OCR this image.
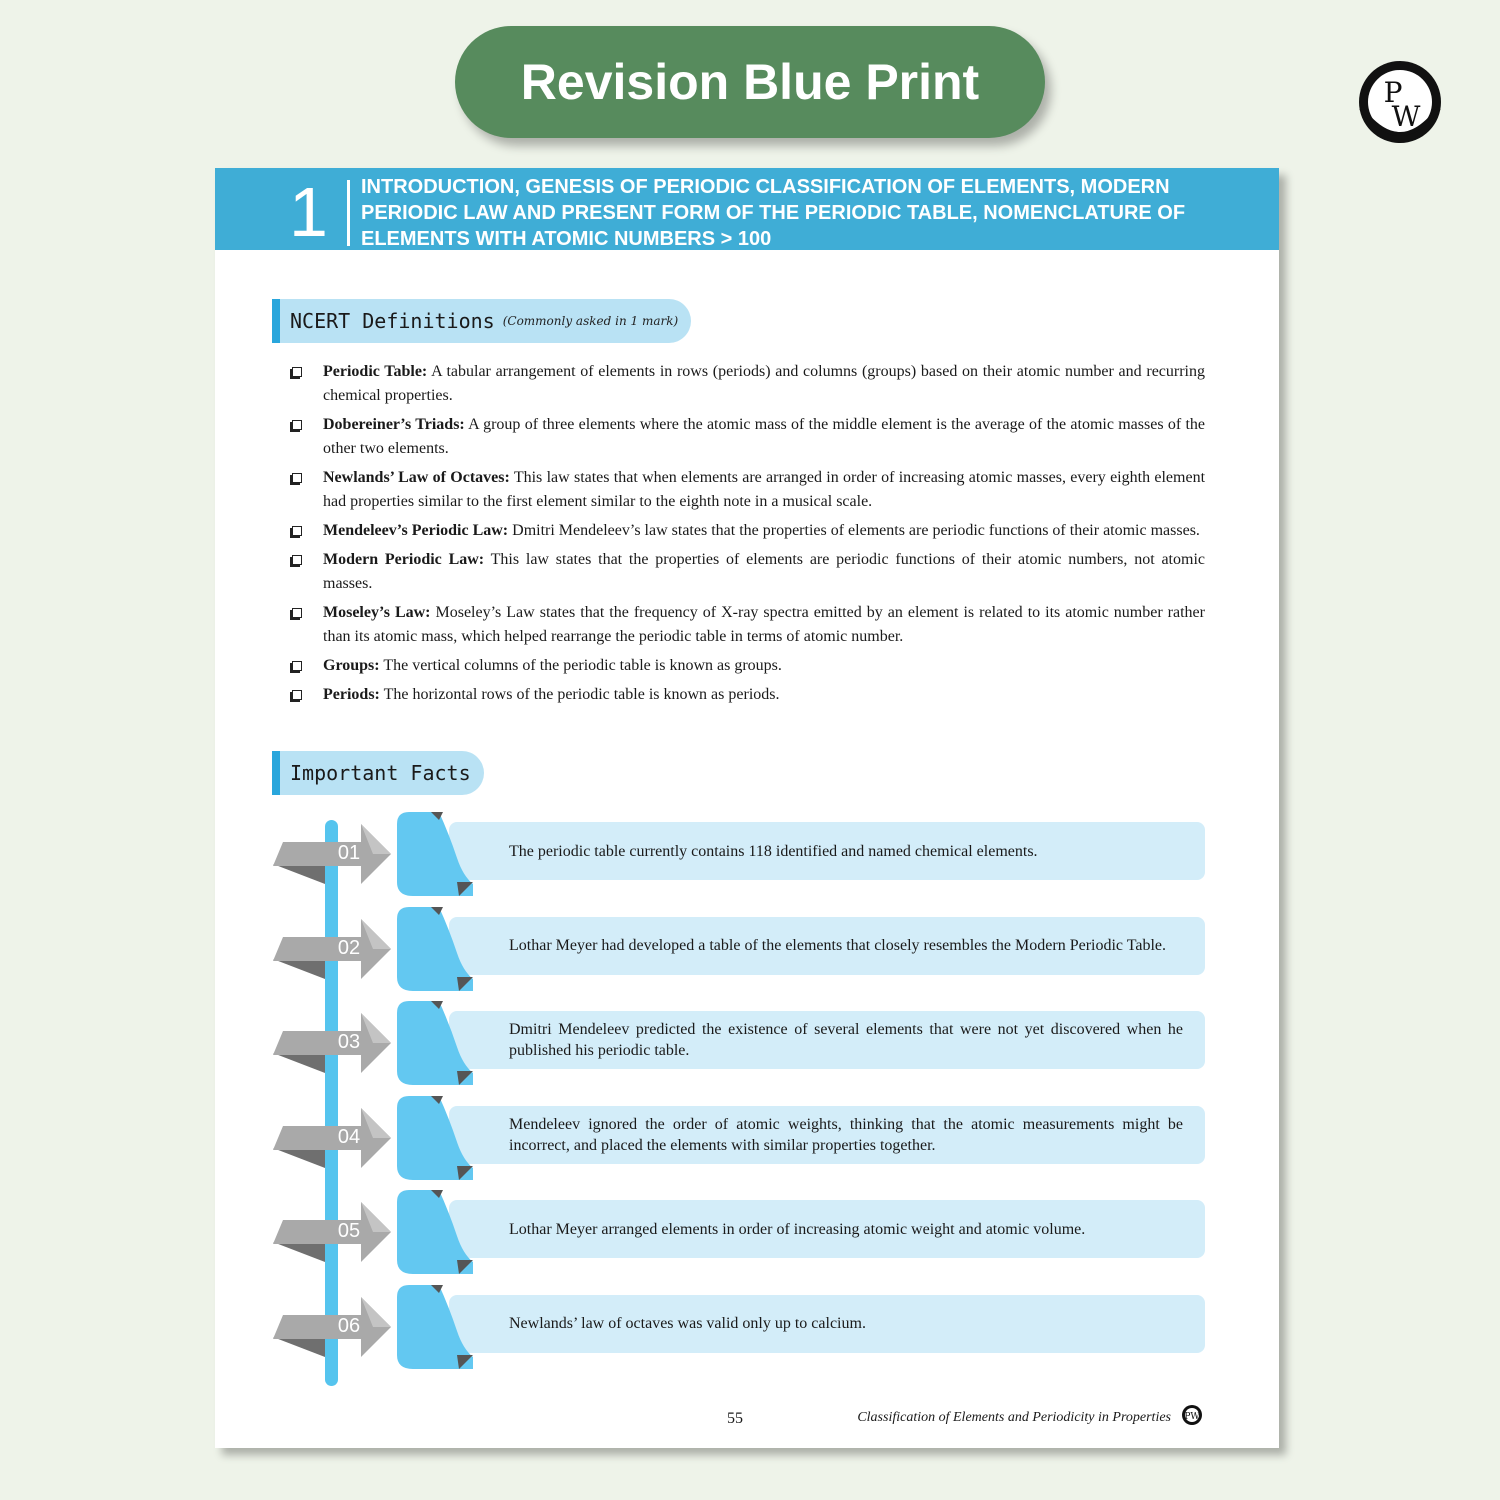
Revision Blue Print	P
W
1 INTRODUCTION, GENESIS OF PERIODIC CLASSIFICATION OF ELEMENTS, MODERN PERIODIC LAW AND PRESENT FORM OF THE PERIODIC TABLE, NOMENCLATURE OF ELEMENTS WITH ATOMIC NUMBERS > 100
NCERT Definitions (Commonly asked in 1 mark)
Periodic Table: A tabular arrangement of elements in rows (periods) and columns (groups) based on their atomic number and recurring chemical properties.
Dobereiner’s Triads: A group of three elements where the atomic mass of the middle element is the average of the atomic masses of the other two elements.
Newlands’ Law of Octaves: This law states that when elements are arranged in order of increasing atomic masses, every eighth element had properties similar to the first element similar to the eighth note in a musical scale.
Mendeleev’s Periodic Law: Dmitri Mendeleev’s law states that the properties of elements are periodic functions of their atomic masses.
Modern Periodic Law: This law states that the properties of elements are periodic functions of their atomic numbers, not atomic masses.
Moseley’s Law: Moseley’s Law states that the frequency of X-ray spectra emitted by an element is related to its atomic number rather than its atomic mass, which helped rearrange the periodic table in terms of atomic number.
Groups: The vertical columns of the periodic table is known as groups.
Periods: The horizontal rows of the periodic table is known as periods.
Important Facts
01	The periodic table currently contains 118 identified and named chemical elements.
02	Lothar Meyer had developed a table of the elements that closely resembles the Modern Periodic Table.
03
Dmitri Mendeleev predicted the existence of several elements that were not yet discovered when he published his periodic table.
04
Mendeleev ignored the order of atomic weights, thinking that the atomic measurements might be incorrect, and placed the elements with similar properties together.
05	Lothar Meyer arranged elements in order of increasing atomic weight and atomic volume.
06	Newlands’ law of octaves was valid only up to calcium.
55	Classification of Elements and Periodicity in Properties PW
